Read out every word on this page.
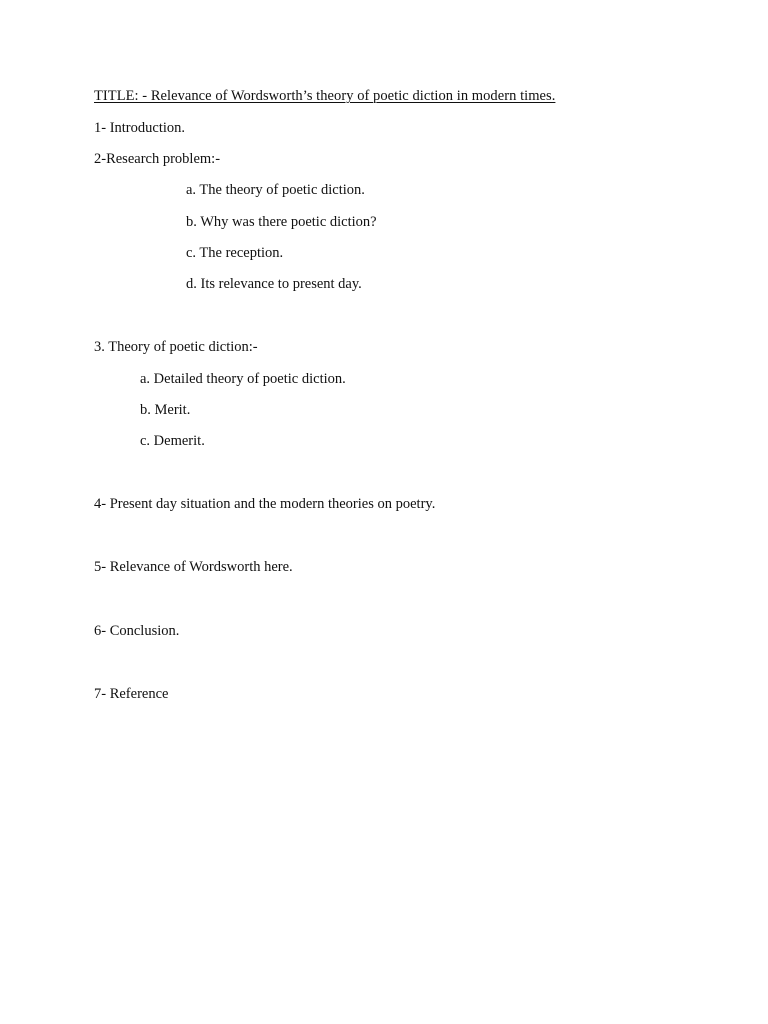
TITLE: - Relevance of Wordsworth’s theory of poetic diction in modern times.
1- Introduction.
2-Research problem:-
a. The theory of poetic diction.
b. Why was there poetic diction?
c. The reception.
d. Its relevance to present day.
3. Theory of poetic diction:-
a. Detailed theory of poetic diction.
b. Merit.
c. Demerit.
4- Present day situation and the modern theories on poetry.
5- Relevance of Wordsworth here.
6- Conclusion.
7- Reference
